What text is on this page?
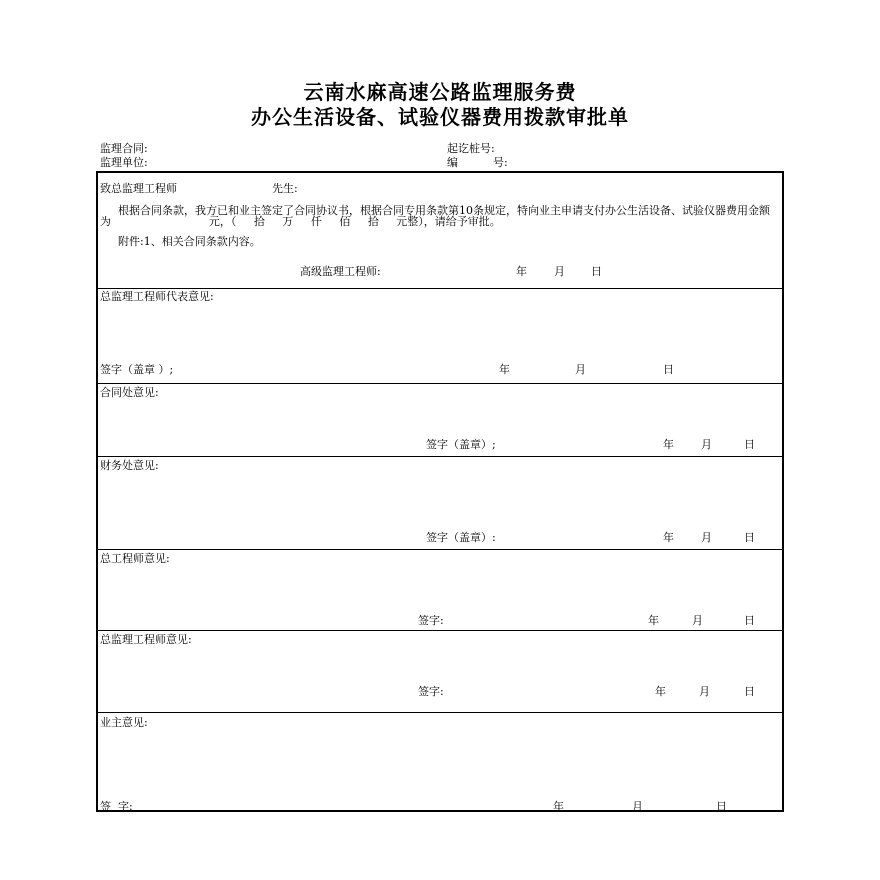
云南水麻高速公路监理服务费
办公生活设备、试验仪器费用拨款审批单
监理合同:	起讫桩号:
监理单位:	编          号:
致总监理工程师	先生:
根据合同条款，我方已和业主签定了合同协议书，根据合同专用条款第10条规定，特向业主申请支付办公生活设备、试验仪器费用金额为                            元，（     拾     万     仟     佰     拾     元整），请给予审批。
附件:1、相关合同条款内容。
高级监理工程师:	年 月 日
总监理工程师代表意见:
签字（盖章 ）;	年	月	日
合同处意见:
签字（盖章）;	年 月	日
财务处意见:
签字（盖章）:	年 月	日
总工程师意见:
签字:	年	月	日
总监理工程师意见:
签字:	年	月	日
业主意见:
签  字:	年	月	日
